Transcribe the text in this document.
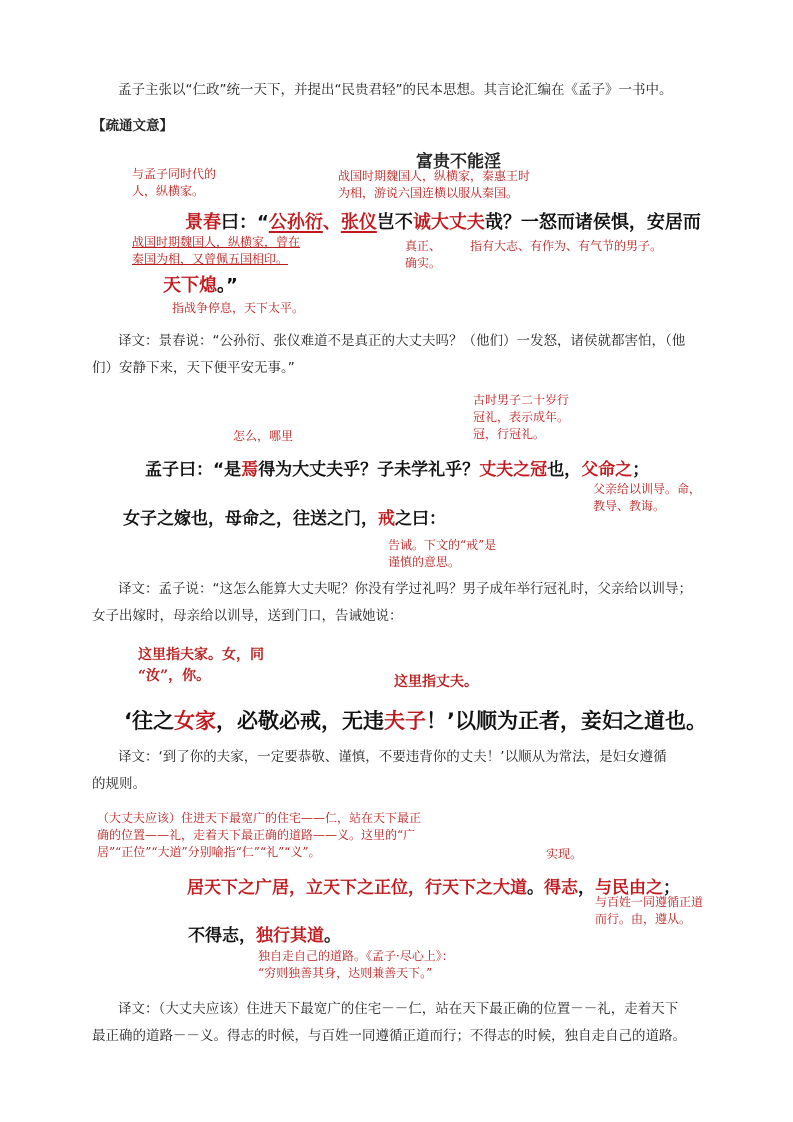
孟子主张以“仁政”统一天下，并提出“民贵君轻”的民本思想。其言论汇编在《孟子》一书中。
【疏通文意】
富贵不能淫
与孟子同时代的
人，纵横家。
战国时期魏国人，纵横家，秦惠王时
为相，游说六国连横以服从秦国。
景春曰：“公孙衍、张仪岂不诚大丈夫哉？一怒而诸侯惧，安居而
战国时期魏国人，纵横家，曾在
秦国为相，又曾佩五国相印。
真正、
确实。
指有大志、有作为、有气节的男子。
天下熄。”
指战争停息，天下太平。
译文：景春说：“公孙衍、张仪难道不是真正的大丈夫吗？（他们）一发怒，诸侯就都害怕，（他
们）安静下来，天下便平安无事。”
古时男子二十岁行
冠礼，表示成年。
冠，行冠礼。
怎么，哪里
孟子曰：“是焉得为大丈夫乎？子未学礼乎？丈夫之冠也，父命之；
父亲给以训导。命，
教导、教诲。
女子之嫁也，母命之，往送之门，戒之曰：
告诫。下文的“戒”是
谨慎的意思。
译文：孟子说：“这怎么能算大丈夫呢？你没有学过礼吗？男子成年举行冠礼时，父亲给以训导；
女子出嫁时，母亲给以训导，送到门口，告诫她说：
这里指夫家。女，同
“汝”，你。	这里指丈夫。
‘往之女家，必敬必戒，无违夫子！’以顺为正者，妾妇之道也。
译文：‘到了你的夫家，一定要恭敬、谨慎，不要违背你的丈夫！’以顺从为常法，是妇女遵循
的规则。
（大丈夫应该）住进天下最宽广的住宅——仁，站在天下最正
确的位置——礼，走着天下最正确的道路——义。这里的“广
居”“正位”“大道”分别喻指“仁”“礼”“义”。	实现。
居天下之广居，立天下之正位，行天下之大道。得志，与民由之；
与百姓一同遵循正道
而行。由，遵从。
不得志，独行其道。
独自走自己的道路。《孟子·尽心上》：
“穷则独善其身，达则兼善天下。”
译文：（大丈夫应该）住进天下最宽广的住宅－－仁，站在天下最正确的位置－－礼，走着天下
最正确的道路－－义。得志的时候，与百姓一同遵循正道而行；不得志的时候，独自走自己的道路。
